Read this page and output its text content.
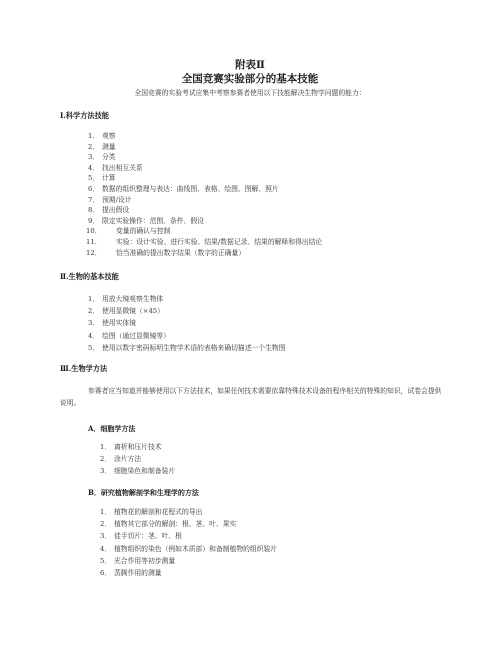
附表Ⅱ
全国竞赛实验部分的基本技能
全国竞赛的实验考试应集中考察参赛者使用以下技能解决生物学问题的能力：
Ⅰ.科学方法技能
1． 观察
2． 测量
3． 分类
4． 找出相互关系
5． 计算
6． 数据的组织整理与表达：曲线图、表格、绘图、图解、照片
7． 预期/设计
8． 提出假设
9． 限定实验操作：范围、条件、假设
10． 变量的确认与控制
11． 实验：设计实验、进行实验、结果/数据记录、结果的解释和得出结论
12． 恰当准确的提出数字结果（数字的正确量）
Ⅱ.生物的基本技能
1． 用放大镜观察生物体
2． 使用显微镜（×45）
3． 使用实体镜
4． 绘图（通过显微镜等）
5． 使用以数字密码标明生物学术语的表格来确切描述一个生物图
Ⅲ.生物学方法
参赛者应当知道并能够使用以下方法技术，如果任何技术需要依靠特殊技术设备的程序相关的特殊的知识，试卷会提供说明。
A．细胞学方法
1． 离析和压片技术
2． 涂片方法
3． 细胞染色和制备装片
B．研究植物解剖学和生理学的方法
1． 植物花的解剖和花程式的导出
2． 植物其它部分的解剖：根、茎、叶、果实
3． 徒手切片：茎、叶、根
4． 植物组织的染色（例如木质部）和备制植物的组织装片
5． 光合作用等初步测量
6． 蒸腾作用的测量
